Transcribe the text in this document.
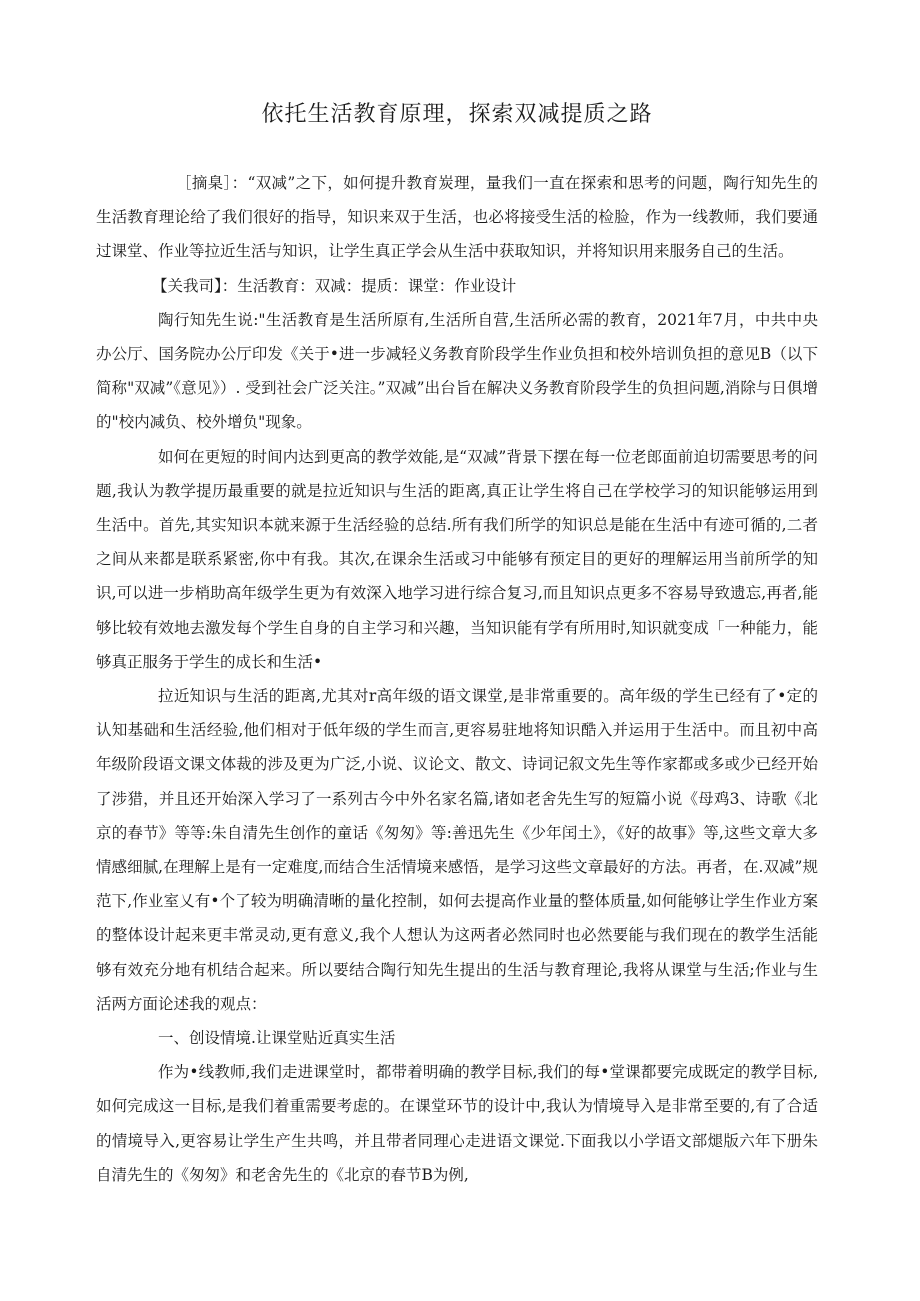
依托生活教育原理，探索双减提质之路

［摘臬］：“双减”之下，如何提升教育炭理，量我们一直在探索和思考的问题，陶行知先生的生活教育理论给了我们很好的指导，知识来双于生活，也必将接受生活的检脸，作为一线教师，我们要通过课堂、作业等拉近生活与知识，让学生真正学会从生活中获取知识，并将知识用来服务自己的生活。

【关我司】：生活教育：双减：提质：课堂：作业设计

陶行知先生说:"生活教育是生活所原有,生活所自营,生活所必需的教育，2021年7月，中共中央办公厅、国务院办公厅印发《关于•进一步减轻义务教育阶段学生作业负担和校外培训负担的意见B（以下简称"双减”《意见》）. 受到社会广泛关注。”双减”出台旨在解决义务教育阶段学生的负担问题,消除与日俱增的"校内减负、校外增负"现象。

如何在更短的时间内达到更高的教学效能,是“双减”背景下摆在每一位老郎面前迫切需要思考的问题,我认为教学提历最重要的就是拉近知识与生活的距离,真正让学生将自己在学校学习的知识能够运用到生活中。首先,其实知识本就来源于生活经验的总结.所有我们所学的知识总是能在生活中有迹可循的,二者之间从来都是联系紧密,你中有我。其次,在课余生活或习中能够有预定目的更好的理解运用当前所学的知识,可以进一步梢助高年级学生更为有效深入地学习进行综合复习,而且知识点更多不容易导致遗忘,再者,能够比较有效地去激发每个学生自身的自主学习和兴趣，当知识能有学有所用时,知识就变成「一种能力，能够真正服务于学生的成长和生活•

拉近知识与生活的距离,尤其对r高年级的语文课堂,是非常重要的。高年级的学生已经有了•定的认知基础和生活经验,他们相对于低年级的学生而言,更容易驻地将知识酷入并运用于生活中。而且初中高年级阶段语文课文体裁的涉及更为广泛,小说、议论文、散文、诗词记叙文先生等作家都或多或少已经开始了涉猎，并且还开始深入学习了一系列古今中外名家名篇,诸如老舍先生写的短篇小说《母鸡3、诗歌《北京的春节》等等:朱自清先生创作的童话《匆匆》等:善迅先生《少年闰土》，《好的故事》等,这些文章大多情感细腻,在理解上是有一定难度,而结合生活情境来感悟，是学习这些文章最好的方法。再者，在.双减”规范下,作业室乂有•个了较为明确清晰的量化控制，如何去提高作业量的整体质量,如何能够让学生作业方案的整体设计起来更丰常灵动,更有意义,我个人想认为这两者必然同时也必然要能与我们现在的教学生活能够有效充分地有机结合起来。所以要结合陶行知先生提出的生活与教育理论,我将从课堂与生活;作业与生活两方面论述我的观点：

一、创设情境.让课堂贴近真实生活

作为•线教师,我们走进课堂时，都带着明确的教学目标,我们的每•堂课都要完成既定的教学目标,如何完成这一目标,是我们着重需要考虑的。在课堂环节的设计中,我认为情境导入是非常至要的,有了合适的情境导入,更容易让学生产生共鸣，并且带者同理心走进语文课觉.下面我以小学语文部煺版六年下册朱自清先生的《匆匆》和老舍先生的《北京的春节B为例,
